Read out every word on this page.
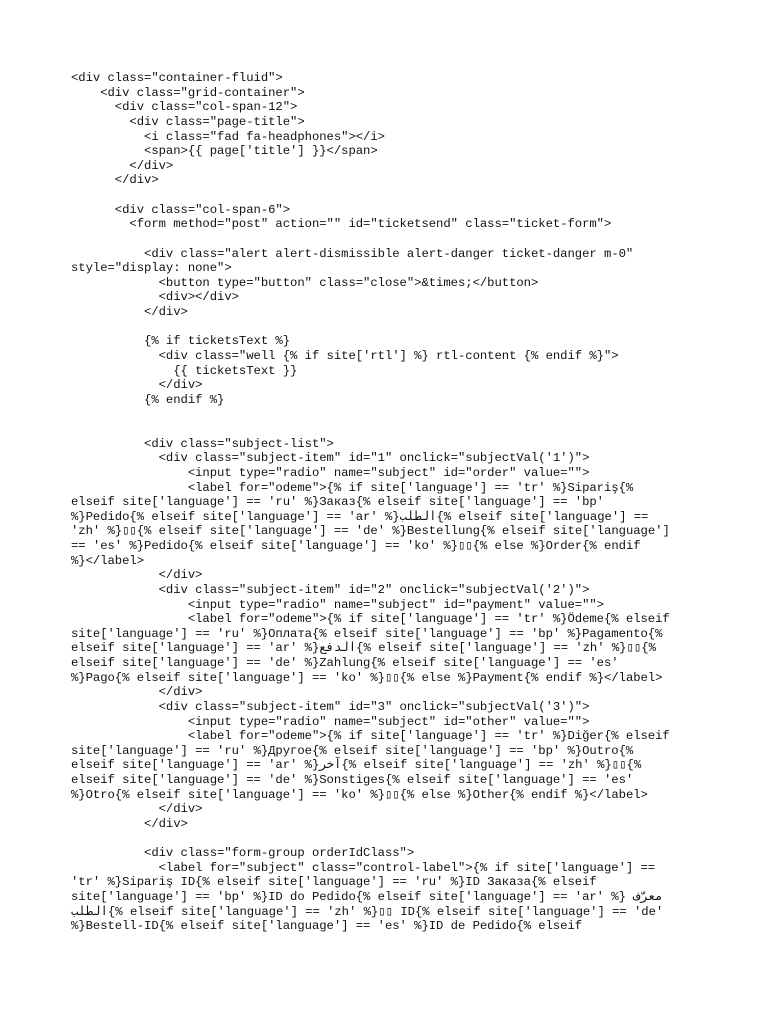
<div class="container-fluid">
<div class="grid-container">
<div class="col-span-12">
<div class="page-title">
<i class="fad fa-headphones"></i>
<span>{{ page['title'] }}</span>
</div>
</div>
<div class="col-span-6">
<form method="post" action="" id="ticketsend" class="ticket-form">
<div class="alert alert-dismissible alert-danger ticket-danger m-0"
style="display: none">
<button type="button" class="close">&times;</button>
<div></div>
</div>
{% if ticketsText %}
<div class="well {% if site['rtl'] %} rtl-content {% endif %}">
{{ ticketsText }}
</div>
{% endif %}
<div class="subject-list">
<div class="subject-item" id="1" onclick="subjectVal('1')">
<input type="radio" name="subject" id="order" value="">
<label for="odeme">{% if site['language'] == 'tr' %}Sipariş{%
elseif site['language'] == 'ru' %}Заказ{% elseif site['language'] == 'bp'
%}Pedido{% elseif site['language'] == 'ar' %}الطلب{% elseif site['language'] ==
'zh' %}▯▯{% elseif site['language'] == 'de' %}Bestellung{% elseif site['language']
== 'es' %}Pedido{% elseif site['language'] == 'ko' %}▯▯{% else %}Order{% endif
%}</label>
</div>
<div class="subject-item" id="2" onclick="subjectVal('2')">
<input type="radio" name="subject" id="payment" value="">
<label for="odeme">{% if site['language'] == 'tr' %}Ödeme{% elseif
site['language'] == 'ru' %}Оплата{% elseif site['language'] == 'bp' %}Pagamento{%
elseif site['language'] == 'ar' %}الدفع{% elseif site['language'] == 'zh' %}▯▯{%
elseif site['language'] == 'de' %}Zahlung{% elseif site['language'] == 'es'
%}Pago{% elseif site['language'] == 'ko' %}▯▯{% else %}Payment{% endif %}</label>
</div>
<div class="subject-item" id="3" onclick="subjectVal('3')">
<input type="radio" name="subject" id="other" value="">
<label for="odeme">{% if site['language'] == 'tr' %}Diğer{% elseif
site['language'] == 'ru' %}Другое{% elseif site['language'] == 'bp' %}Outro{%
elseif site['language'] == 'ar' %}آخر{% elseif site['language'] == 'zh' %}▯▯{%
elseif site['language'] == 'de' %}Sonstiges{% elseif site['language'] == 'es'
%}Otro{% elseif site['language'] == 'ko' %}▯▯{% else %}Other{% endif %}</label>
</div>
</div>
<div class="form-group orderIdClass">
<label for="subject" class="control-label">{% if site['language'] ==
'tr' %}Sipariş ID{% elseif site['language'] == 'ru' %}ID Заказа{% elseif
site['language'] == 'bp' %}ID do Pedido{% elseif site['language'] == 'ar' %} معرّف
الطلب{% elseif site['language'] == 'zh' %}▯▯ ID{% elseif site['language'] == 'de'
%}Bestell-ID{% elseif site['language'] == 'es' %}ID de Pedido{% elseif
